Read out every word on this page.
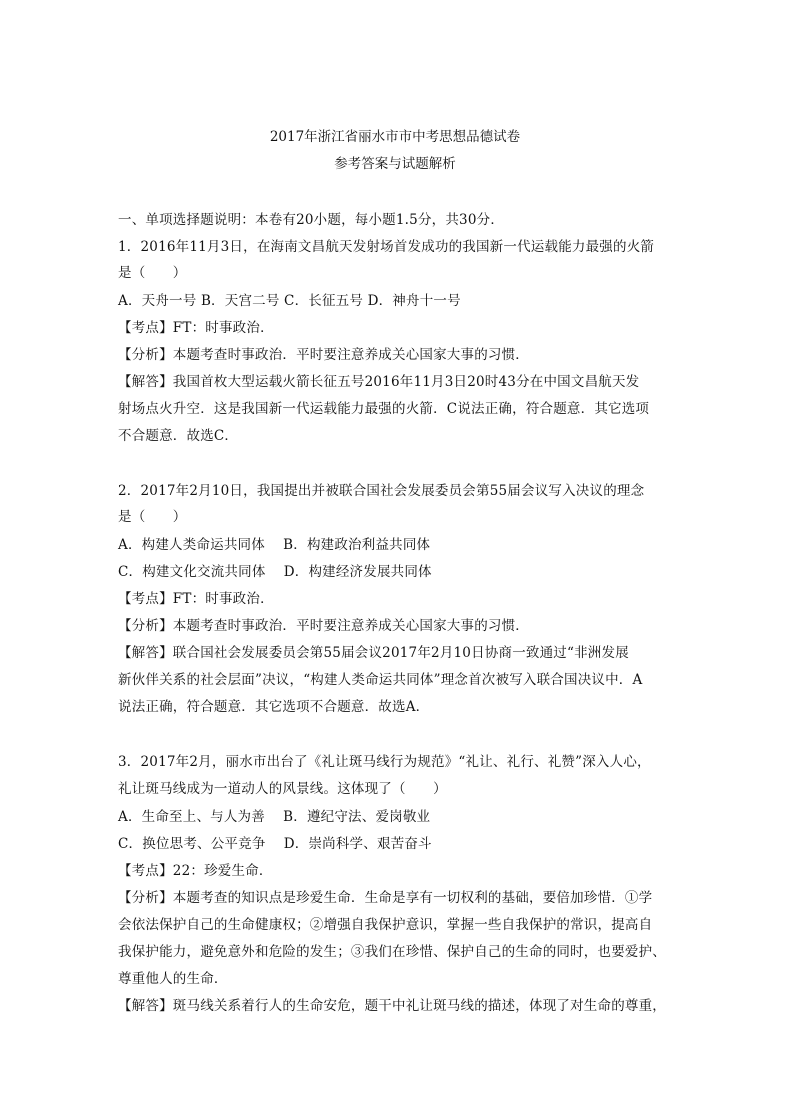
2017年浙江省丽水市市中考思想品德试卷
参考答案与试题解析
一、单项选择题说明：本卷有20小题，每小题1.5分，共30分．
1．2016年11月3日，在海南文昌航天发射场首发成功的我国新一代运载能力最强的火箭
是（　　）
A．天舟一号 B．天宫二号 C．长征五号 D．神舟十一号
【考点】FT：时事政治．
【分析】本题考查时事政治．平时要注意养成关心国家大事的习惯．
【解答】我国首枚大型运载火箭长征五号2016年11月3日20时43分在中国文昌航天发
射场点火升空．这是我国新一代运载能力最强的火箭．C说法正确，符合题意．其它选项
不合题意．故选C．
2．2017年2月10日，我国提出并被联合国社会发展委员会第55届会议写入决议的理念
是（　　）
A．构建人类命运共同体　 B．构建政治利益共同体
C．构建文化交流共同体　 D．构建经济发展共同体
【考点】FT：时事政治．
【分析】本题考查时事政治．平时要注意养成关心国家大事的习惯．
【解答】联合国社会发展委员会第55届会议2017年2月10日协商一致通过“非洲发展
新伙伴关系的社会层面”决议，“构建人类命运共同体”理念首次被写入联合国决议中．A
说法正确，符合题意．其它选项不合题意．故选A．
3．2017年2月，丽水市出台了《礼让斑马线行为规范》“礼让、礼行、礼赞”深入人心，
礼让斑马线成为一道动人的风景线。这体现了（　　）
A．生命至上、与人为善　 B．遵纪守法、爱岗敬业
C．换位思考、公平竞争　 D．崇尚科学、艰苦奋斗
【考点】22：珍爱生命．
【分析】本题考查的知识点是珍爱生命．生命是享有一切权利的基础，要倍加珍惜．①学
会依法保护自己的生命健康权；②增强自我保护意识，掌握一些自我保护的常识，提高自
我保护能力，避免意外和危险的发生；③我们在珍惜、保护自己的生命的同时，也要爱护、
尊重他人的生命．
【解答】斑马线关系着行人的生命安危，题干中礼让斑马线的描述，体现了对生命的尊重，
